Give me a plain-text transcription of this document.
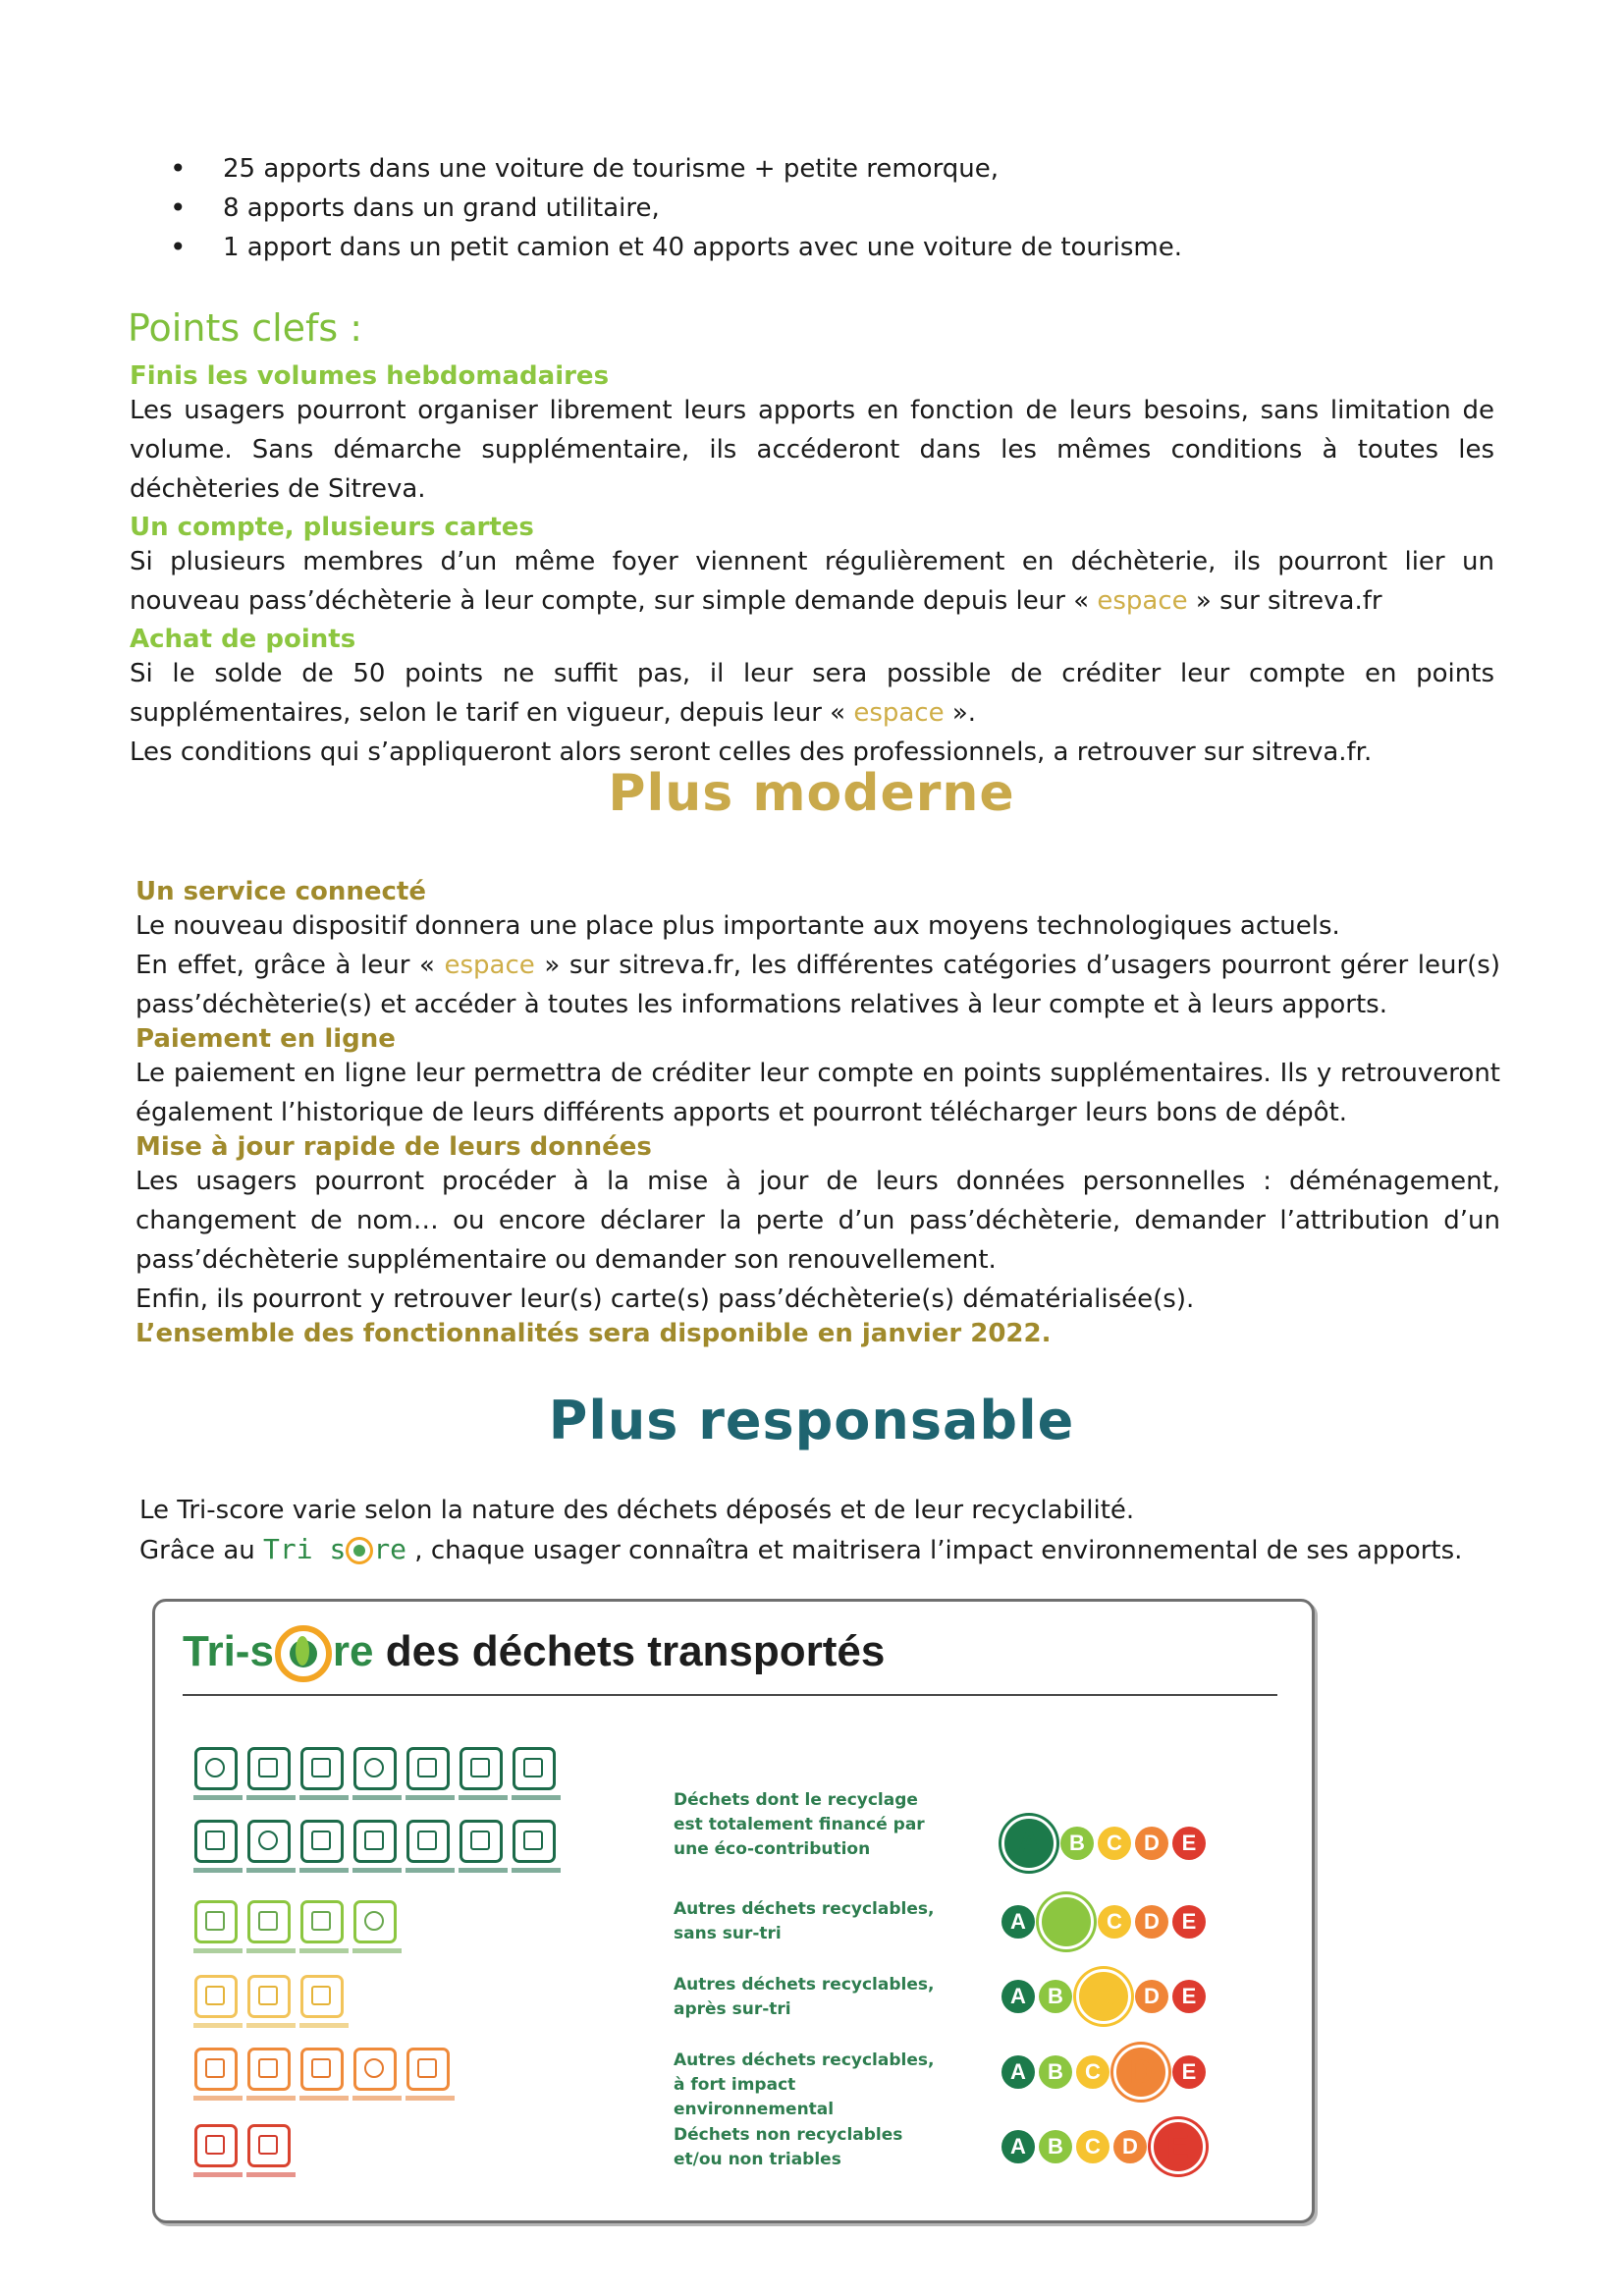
• 25 apports dans une voiture de tourisme + petite remorque,
• 8 apports dans un grand utilitaire,
• 1 apport dans un petit camion et 40 apports avec une voiture de tourisme.
Points clefs :

Finis les volumes hebdomadaires

Les usagers pourront organiser librement leurs apports en fonction de leurs besoins, sans limitation de volume. Sans démarche supplémentaire, ils accéderont dans les mêmes conditions à toutes les déchèteries de Sitreva.

Un compte, plusieurs cartes

Si plusieurs membres d’un même foyer viennent régulièrement en déchèterie, ils pourront lier un nouveau pass’déchèterie à leur compte, sur simple demande depuis leur « espace » sur sitreva.fr

Achat de points

Si le solde de 50 points ne suffit pas, il leur sera possible de créditer leur compte en points supplémentaires, selon le tarif en vigueur, depuis leur « espace ».

Les conditions qui s’appliqueront alors seront celles des professionnels, a retrouver sur sitreva.fr.

Plus moderne

Un service connecté

Le nouveau dispositif donnera une place plus importante aux moyens technologiques actuels.

En effet, grâce à leur « espace » sur sitreva.fr, les différentes catégories d’usagers pourront gérer leur(s) pass’déchèterie(s) et accéder à toutes les informations relatives à leur compte et à leurs apports.

Paiement en ligne

Le paiement en ligne leur permettra de créditer leur compte en points supplémentaires. Ils y retrouveront également l’historique de leurs différents apports et pourront télécharger leurs bons de dépôt.

Mise à jour rapide de leurs données

Les usagers pourront procéder à la mise à jour de leurs données personnelles : déménagement, changement de nom… ou encore déclarer la perte d’un pass’déchèterie, demander l’attribution d’un pass’déchèterie supplémentaire ou demander son renouvellement.

Enfin, ils pourront y retrouver leur(s) carte(s) pass’déchèterie(s) dématérialisée(s).

L’ensemble des fonctionnalités sera disponible en janvier 2022.

Plus responsable

Le Tri-score varie selon la nature des déchets déposés et de leur recyclabilité.

Grâce au Tri s re , chaque usager connaîtra et maitrisera l’impact environnemental de ses apports.

Tri-s re des déchets transportés

Déchets dont le recyclage est totalement financé par une éco-contribution

Autres déchets recyclables, sans sur-tri

Autres déchets recyclables, après sur-tri

Autres déchets recyclables, à fort impact environnemental

Déchets non recyclables et/ou non triables

A	B	C	D	E
A B	C	D	E
A	B C	D	E
A	B	C D	E
A	B	C	D E
